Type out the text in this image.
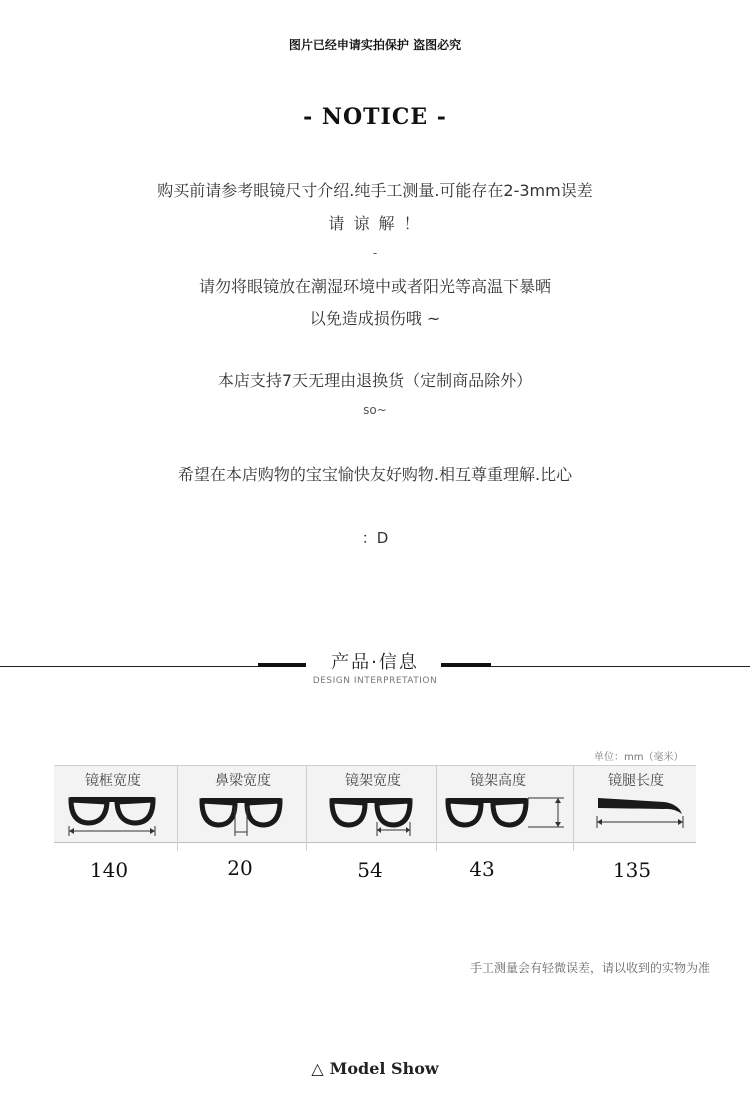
图片已经申请实拍保护 盗图必究
- NOTICE -
购买前请参考眼镜尺寸介绍.纯手工测量.可能存在2-3mm误差
请 谅 解 ！
-
请勿将眼镜放在潮湿环境中或者阳光等高温下暴晒
以免造成损伤哦 ~
本店支持7天无理由退换货（定制商品除外）
so~
希望在本店购物的宝宝愉快友好购物.相互尊重理解.比心
：D
产品·信息
DESIGN INTERPRETATION
单位：mm（毫米）
镜框宽度	鼻梁宽度	镜架宽度	镜架高度	镜腿长度
140	20	54	43	135
手工测量会有轻微误差，请以收到的实物为准
△ Model Show
